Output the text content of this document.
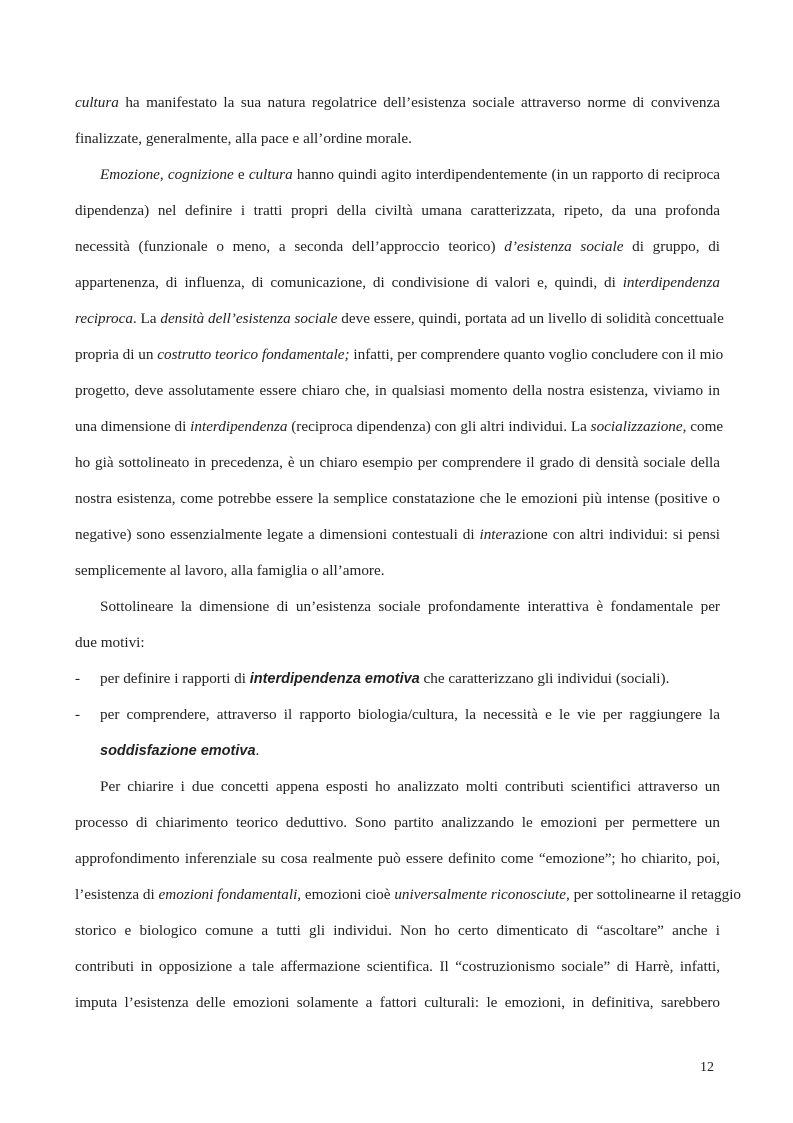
cultura ha manifestato la sua natura regolatrice dell’esistenza sociale attraverso norme di convivenza
finalizzate, generalmente, alla pace e all’ordine morale.
Emozione, cognizione e cultura hanno quindi agito interdipendentemente (in un rapporto di reciproca
dipendenza) nel definire i tratti propri della civiltà umana caratterizzata, ripeto, da una profonda
necessità (funzionale o meno, a seconda dell’approccio teorico) d’esistenza sociale di gruppo, di
appartenenza, di influenza, di comunicazione, di condivisione di valori e, quindi, di interdipendenza
reciproca. La densità dell’esistenza sociale deve essere, quindi, portata ad un livello di solidità concettuale
propria di un costrutto teorico fondamentale; infatti, per comprendere quanto voglio concludere con il mio
progetto, deve assolutamente essere chiaro che, in qualsiasi momento della nostra esistenza, viviamo in
una dimensione di interdipendenza (reciproca dipendenza) con gli altri individui. La socializzazione, come
ho già sottolineato in precedenza, è un chiaro esempio per comprendere il grado di densità sociale della
nostra esistenza, come potrebbe essere la semplice constatazione che le emozioni più intense (positive o
negative) sono essenzialmente legate a dimensioni contestuali di interazione con altri individui: si pensi
semplicemente al lavoro, alla famiglia o all’amore.
Sottolineare la dimensione di un’esistenza sociale profondamente interattiva è fondamentale per
due motivi:
- per definire i rapporti di interdipendenza emotiva che caratterizzano gli individui (sociali).
- per comprendere, attraverso il rapporto biologia/cultura, la necessità e le vie per raggiungere la
soddisfazione emotiva.
Per chiarire i due concetti appena esposti ho analizzato molti contributi scientifici attraverso un
processo di chiarimento teorico deduttivo. Sono partito analizzando le emozioni per permettere un
approfondimento inferenziale su cosa realmente può essere definito come “emozione”; ho chiarito, poi,
l’esistenza di emozioni fondamentali, emozioni cioè universalmente riconosciute, per sottolinearne il retaggio
storico e biologico comune a tutti gli individui. Non ho certo dimenticato di “ascoltare” anche i
contributi in opposizione a tale affermazione scientifica. Il “costruzionismo sociale” di Harrè, infatti,
imputa l’esistenza delle emozioni solamente a fattori culturali: le emozioni, in definitiva, sarebbero
12
